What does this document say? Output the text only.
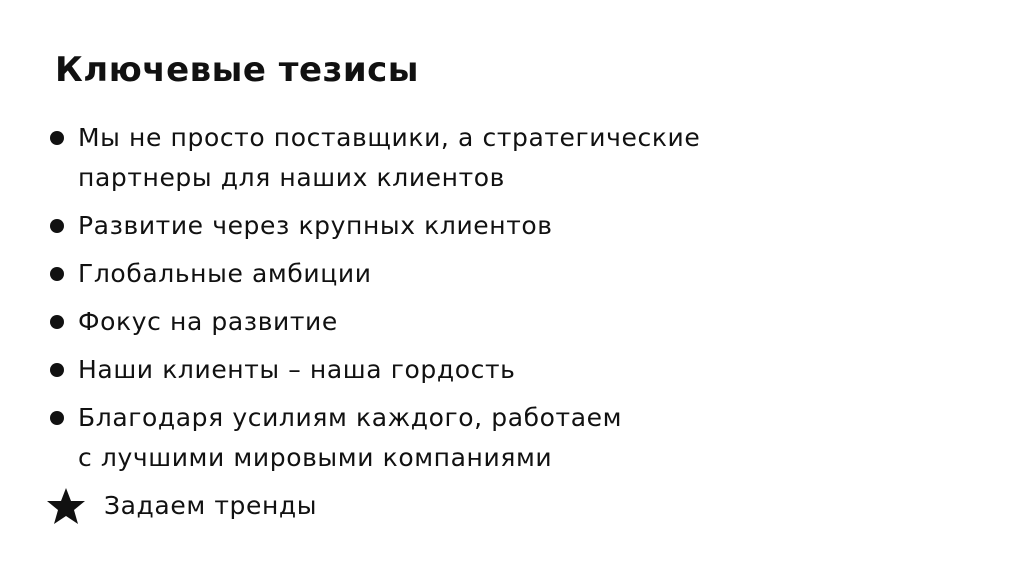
Ключевые тезисы
Мы не просто поставщики, а стратегические
партнеры для наших клиентов
Развитие через крупных клиентов
Глобальные амбиции
Фокус на развитие
Наши клиенты – наша гордость
Благодаря усилиям каждого, работаем
с лучшими мировыми компаниями
Задаем тренды
